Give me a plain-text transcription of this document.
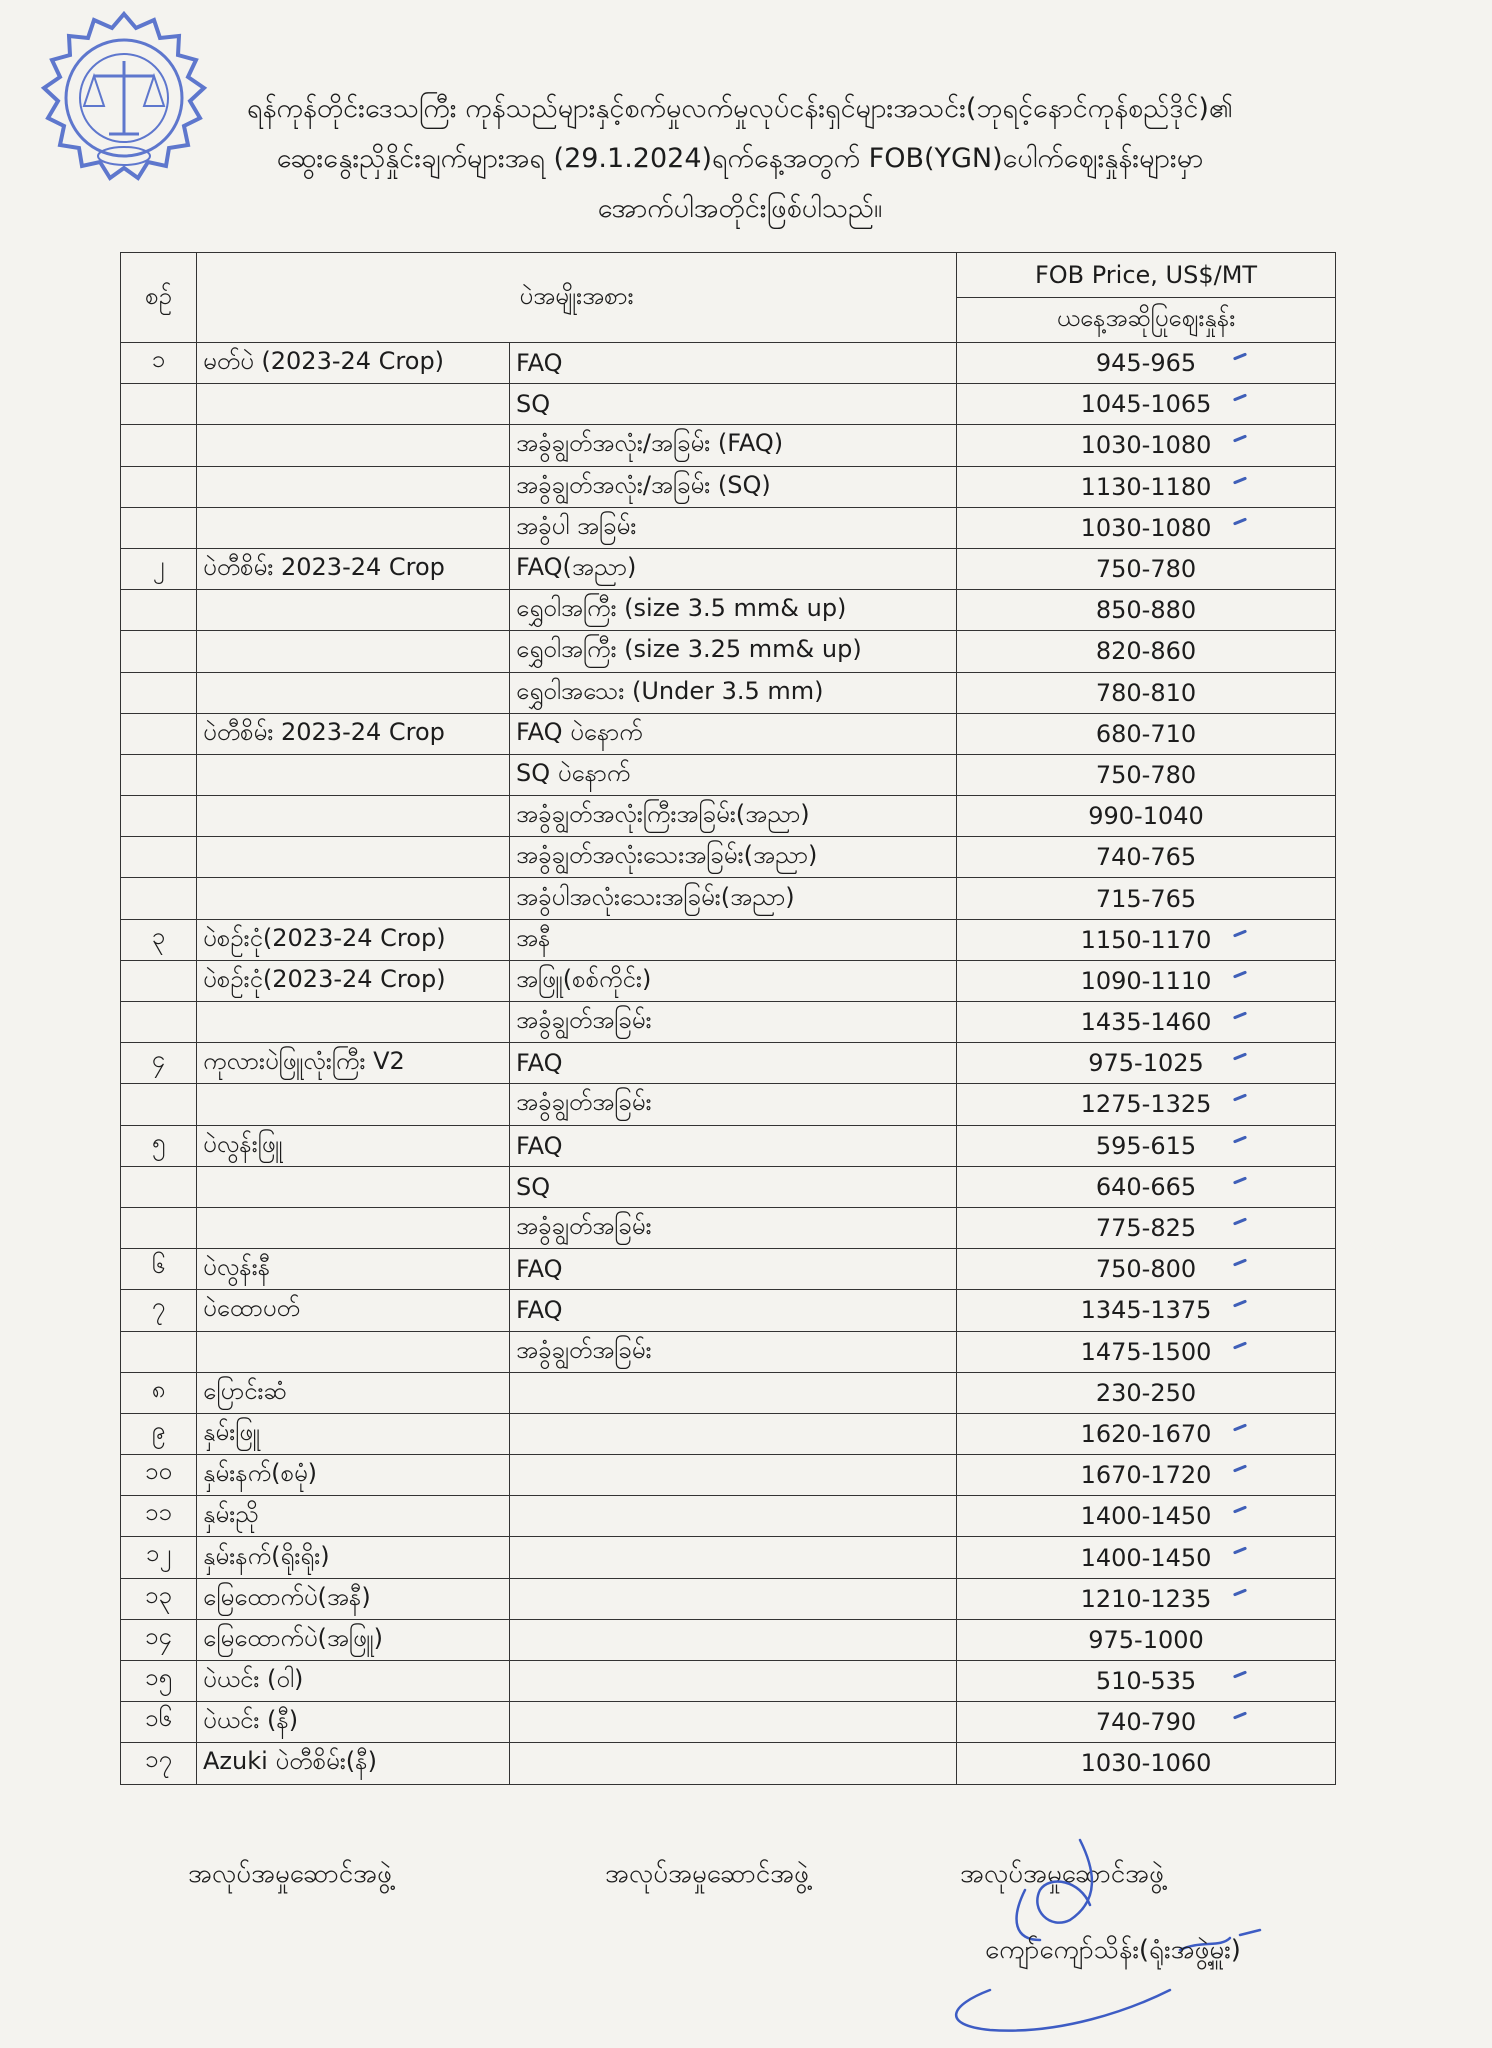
ရန်ကုန်တိုင်းဒေသကြီး ကုန်သည်များနှင့်စက်မှုလက်မှုလုပ်ငန်းရှင်များအသင်း(ဘုရင့်နောင်ကုန်စည်ဒိုင်)၏
ဆွေးနွေးညှိနှိုင်းချက်များအရ (29.1.2024)ရက်နေ့အတွက် FOB(YGN)ပေါက်ဈေးနှုန်းများမှာ
အောက်ပါအတိုင်းဖြစ်ပါသည်။
စဉ်	ပဲအမျိုးအစား		FOB Price, US$/MT
			ယနေ့အဆိုပြုဈေးနှုန်း
၁	မတ်ပဲ (2023-24 Crop)	FAQ	945-965

		SQ	1045-1065

		အခွံချွတ်အလုံး/အခြမ်း (FAQ)	1030-1080

		အခွံချွတ်အလုံး/အခြမ်း (SQ)	1130-1180

		အခွံပါ အခြမ်း	1030-1080

၂	ပဲတီစိမ်း 2023-24 Crop	FAQ(အညာ)	750-780
		ရွှေဝါအကြီး (size 3.5 mm& up)	850-880
		ရွှေဝါအကြီး (size 3.25 mm& up)	820-860
		ရွှေဝါအသေး (Under 3.5 mm)	780-810
	ပဲတီစိမ်း 2023-24 Crop	FAQ ပဲနောက်	680-710
		SQ ပဲနောက်	750-780
		အခွံချွတ်အလုံးကြီးအခြမ်း(အညာ)	990-1040
		အခွံချွတ်အလုံးသေးအခြမ်း(အညာ)	740-765
		အခွံပါအလုံးသေးအခြမ်း(အညာ)	715-765
၃	ပဲစဉ်းငုံ(2023-24 Crop)	အနီ	1150-1170

	ပဲစဉ်းငုံ(2023-24 Crop)	အဖြူ(စစ်ကိုင်း)	1090-1110

		အခွံချွတ်အခြမ်း	1435-1460

၄	ကုလားပဲဖြူလုံးကြီး V2	FAQ	975-1025

		အခွံချွတ်အခြမ်း	1275-1325

၅	ပဲလွန်းဖြူ	FAQ	595-615

		SQ	640-665

		အခွံချွတ်အခြမ်း	775-825

၆	ပဲလွန်းနီ	FAQ	750-800

၇	ပဲထောပတ်	FAQ	1345-1375

		အခွံချွတ်အခြမ်း	1475-1500

၈	ပြောင်းဆံ		230-250
၉	နှမ်းဖြူ		1620-1670

၁၀	နှမ်းနက်(စမုံ)		1670-1720

၁၁	နှမ်းညို		1400-1450

၁၂	နှမ်းနက်(ရိုးရိုး)		1400-1450

၁၃	မြေထောက်ပဲ(အနီ)		1210-1235

၁၄	မြေထောက်ပဲ(အဖြူ)		975-1000
၁၅	ပဲယင်း (ဝါ)		510-535

၁၆	ပဲယင်း (နီ)		740-790

၁၇	Azuki ပဲတီစိမ်း(နီ)		1030-1060
အလုပ်အမှုဆောင်အဖွဲ့	အလုပ်အမှုဆောင်အဖွဲ့	အလုပ်အမှုဆောင်အဖွဲ့
ကျော်ကျော်သိန်း(ရုံးအဖွဲ့မှူး)
